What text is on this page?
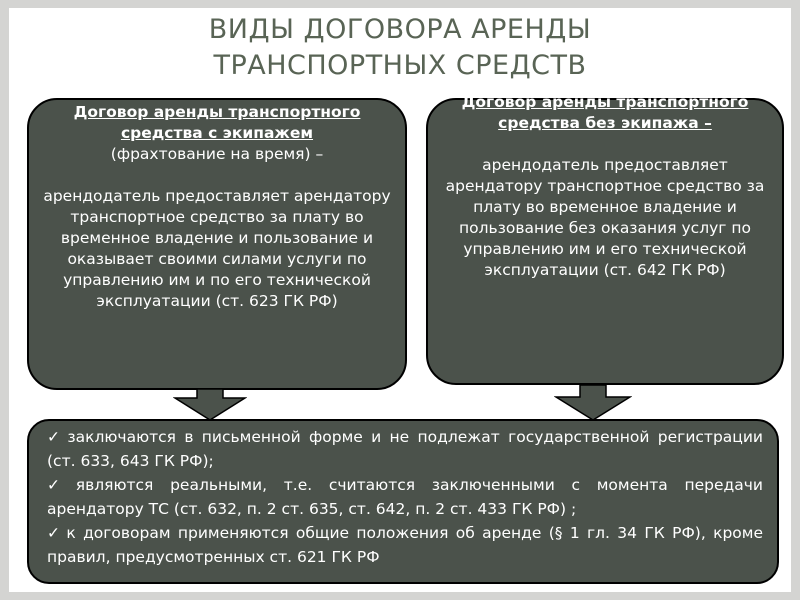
ВИДЫ ДОГОВОРА АРЕНДЫ
ТРАНСПОРТНЫХ СРЕДСТВ
Договор аренды транспортного средства с экипажем
(фрахтование на время) –
арендодатель предоставляет арендатору транспортное средство за плату во временное владение и пользование и оказывает своими силами услуги по управлению им и по его технической эксплуатации (ст. 623 ГК РФ)
Договор аренды транспортного средства без экипажа –
арендодатель предоставляет арендатору транспортное средство за плату во временное владение и пользование без оказания услуг по управлению им и его технической эксплуатации (ст. 642 ГК РФ)

✓ заключаются в письменной форме и не подлежат государственной регистрации (ст. 633, 643 ГК РФ);

✓ являются реальными, т.е. считаются заключенными с момента передачи арендатору ТС (ст. 632, п. 2 ст. 635, ст. 642, п. 2 ст. 433 ГК РФ) ;

✓ к договорам применяются общие положения об аренде (§ 1 гл. 34 ГК РФ), кроме правил, предусмотренных ст. 621 ГК РФ
